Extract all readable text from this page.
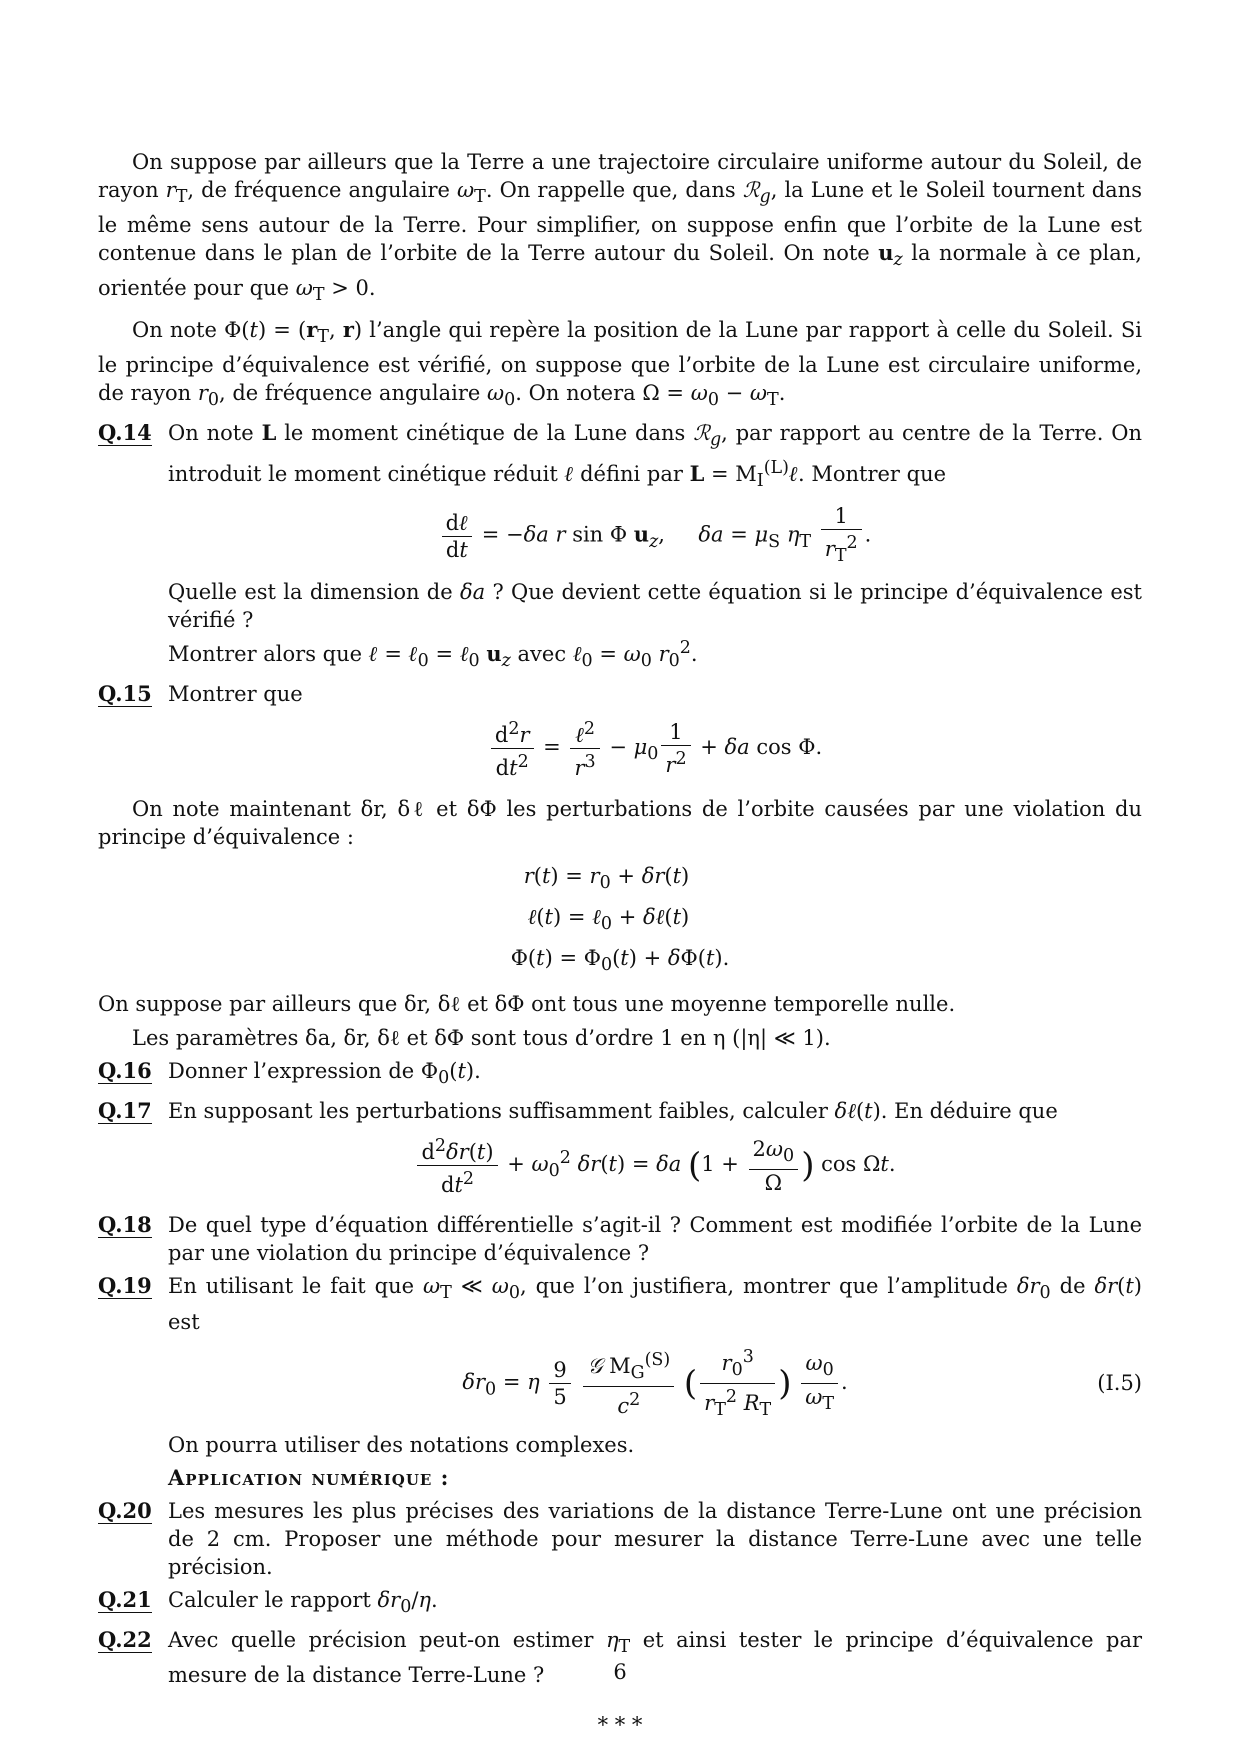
On suppose par ailleurs que la Terre a une trajectoire circulaire uniforme autour du Soleil, de rayon $r_T$, de fréquence angulaire $\omega_T$. On rappelle que, dans ℛ$_g$, la Lune et le Soleil tournent dans le même sens autour de la Terre. Pour simplifier, on suppose enfin que l’orbite de la Lune est contenue dans le plan de l’orbite de la Terre autour du Soleil. On note $u_z$ la normale à ce plan, orientée pour que $\omega_T > 0$.

On note $\Phi(t) = (r_T$, r) l’angle qui repère la position de la Lune par rapport à celle du Soleil. Si le principe d’équivalence est vérifié, on suppose que l’orbite de la Lune est circulaire uniforme, de rayon $r_0$, de fréquence angulaire $\omega_0$. On notera $\Omega = \omega_0 - \omega_T$.

Q.14 On note L le moment cinétique de la Lune dans ℛ$_g$, par rapport au centre de la Terre. On introduit le moment cinétique réduit ℓ défini par $L = M_I^{(L)}\ell$. Montrer que
$\frac{\text{dℓ}}{dt} = -\delta a$ r sin Φ $u_z$,     $\delta a = \mu_S$ $\eta_T \frac{1}{r_T^2}$ .
Quelle est la dimension de δa ? Que devient cette équation si le principe d’équivalence est vérifié ?
Montrer alors que ℓ = ℓ$_0$ = ℓ$_0$ $u_z$ avec ℓ$_0$ = $\omega_0$ $r_0^2$.
Q.15 Montrer que
$\frac{d^2r}{dt^2} = \frac{\ell^2}{r^3} - \mu_0 \frac{1}{r^2} + \delta a$ cos Φ.

On note maintenant δr, δℓ et δΦ les perturbations de l’orbite causées par une violation du principe d’équivalence :

$r(t) = r_0 + \delta r(t)$
ℓ(t) = ℓ$_0$ + δℓ(t)
$\Phi(t) = \Phi_0(t) + \delta\Phi(t)$.

On suppose par ailleurs que δr, δℓ et δΦ ont tous une moyenne temporelle nulle.

Les paramètres δa, δr, δℓ et δΦ sont tous d’ordre 1 en η (|η| ≪ 1).

Q.16 Donner l’expression de $\Phi_0(t)$.
Q.17 En supposant les perturbations suffisamment faibles, calculer δℓ(t). En déduire que
$\frac{d^2\delta r(t)}{dt^2} + \omega_0^2$ δr(t) = δa ($1 + \frac{2\omega_0}{\Omega}$ ) cos Ωt.
Q.18 De quel type d’équation différentielle s’agit-il ? Comment est modifiée l’orbite de la Lune par une violation du principe d’équivalence ?
Q.19 En utilisant le fait que $\omega_T$ ≪ $\omega_0$, que l’on justifiera, montrer que l’amplitude $\delta r_0$ de δr(t) est
$\delta r_0 = \eta \frac{9}{5}$
$\frac{𝒢 M_G^{(S)}}{c^2}$ ( $\frac{r_0^3}{r_T^2 R_T}$ ) $\frac{\omega_0}{\omega_T}$ .	(I.5)
On pourra utiliser des notations complexes.
Application numérique :
Q.20 Les mesures les plus précises des variations de la distance Terre-Lune ont une précision de 2 cm. Proposer une méthode pour mesurer la distance Terre-Lune avec une telle précision.
Q.21 Calculer le rapport $\delta r_0/\eta$.
Q.22 Avec quelle précision peut-on estimer $\eta_T$ et ainsi tester le principe d’équivalence par mesure de la distance Terre-Lune ?
* * *
6
